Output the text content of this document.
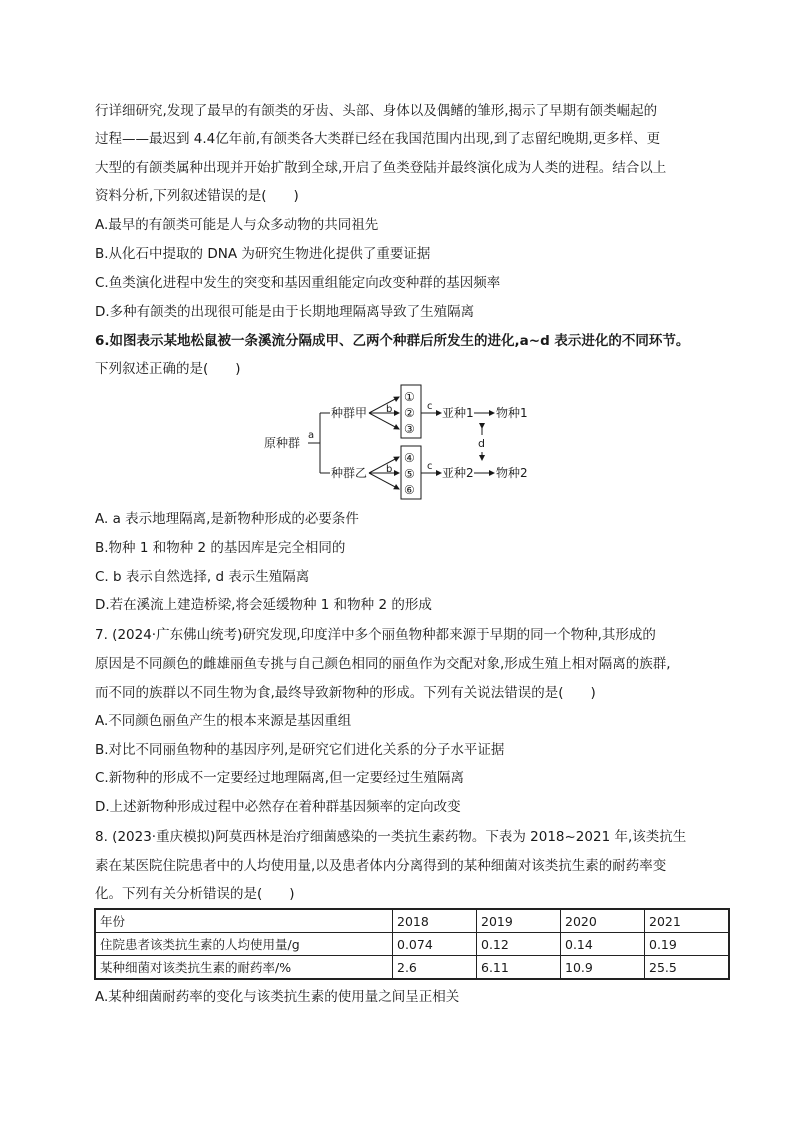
行详细研究,发现了最早的有颌类的牙齿、头部、身体以及偶鳍的雏形,揭示了早期有颌类崛起的
过程——最迟到 4.4亿年前,有颌类各大类群已经在我国范围内出现,到了志留纪晚期,更多样、更
大型的有颌类属种出现并开始扩散到全球,开启了鱼类登陆并最终演化成为人类的进程。结合以上
资料分析,下列叙述错误的是(　　)
A.最早的有颌类可能是人与众多动物的共同祖先
B.从化石中提取的 DNA 为研究生物进化提供了重要证据
C.鱼类演化进程中发生的突变和基因重组能定向改变种群的基因频率
D.多种有颌类的出现很可能是由于长期地理隔离导致了生殖隔离
6.如图表示某地松鼠被一条溪流分隔成甲、乙两个种群后所发生的进化,a~d 表示进化的不同环节。
下列叙述正确的是(　　)
原种群
a
种群甲
种群乙
b
b
①
②
③
④
⑤
⑥
c
c
亚种1
亚种2
d
物种1
物种2
A. a 表示地理隔离,是新物种形成的必要条件
B.物种 1 和物种 2 的基因库是完全相同的
C. b 表示自然选择, d 表示生殖隔离
D.若在溪流上建造桥梁,将会延缓物种 1 和物种 2 的形成
7. (2024·广东佛山统考)研究发现,印度洋中多个丽鱼物种都来源于早期的同一个物种,其形成的
原因是不同颜色的雌雄丽鱼专挑与自己颜色相同的丽鱼作为交配对象,形成生殖上相对隔离的族群,
而不同的族群以不同生物为食,最终导致新物种的形成。下列有关说法错误的是(　　)
A.不同颜色丽鱼产生的根本来源是基因重组
B.对比不同丽鱼物种的基因序列,是研究它们进化关系的分子水平证据
C.新物种的形成不一定要经过地理隔离,但一定要经过生殖隔离
D.上述新物种形成过程中必然存在着种群基因频率的定向改变
8. (2023·重庆模拟)阿莫西林是治疗细菌感染的一类抗生素药物。下表为 2018~2021 年,该类抗生
素在某医院住院患者中的人均使用量,以及患者体内分离得到的某种细菌对该类抗生素的耐药率变
化。下列有关分析错误的是(　　)
年份	2018	2019	2020	2021
住院患者该类抗生素的人均使用量/g	0.074	0.12	0.14	0.19
某种细菌对该类抗生素的耐药率/%	2.6	6.11	10.9	25.5
A.某种细菌耐药率的变化与该类抗生素的使用量之间呈正相关
